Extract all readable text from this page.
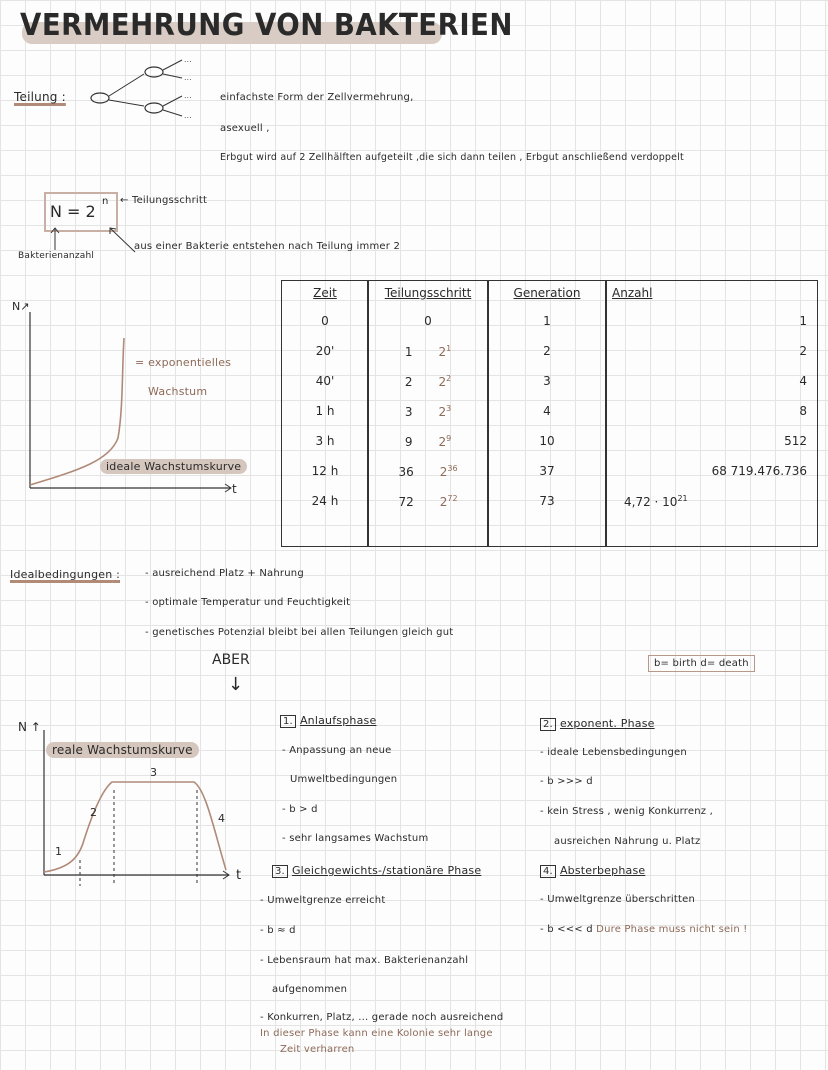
VERMEHRUNG VON BAKTERIEN
Teilung :
...
...
...
...
einfachste Form der Zellvermehrung,
asexuell ,
Erbgut wird auf 2 Zellhälften aufgeteilt ,die sich dann teilen , Erbgut anschließend verdoppelt
N = 2
n ← Teilungsschritt
Bakterienanzahl
aus einer Bakterie entstehen nach Teilung immer 2
N↗
t
= exponentielles
Wachstum
ideale Wachstumskurve
Zeit	Teilungsschritt	Generation	Anzahl
0	0	1	1
20'	1 $2^1$	2	2
40'	2 $2^2$	3	4
1 h	3 $2^3$	4	8
3 h	9 $2^9$	10	512
12 h	36 $2^{36}$	37	68 719.476.736
24 h	72 $2^{72}$	73	$4,72 \cdot 10^{21}$
Idealbedingungen : - ausreichend Platz + Nahrung
- optimale Temperatur und Feuchtigkeit
- genetisches Potenzial bleibt bei allen Teilungen gleich gut
ABER
↓
b= birth d= death
N ↑
t
reale Wachstumskurve
1
2
3
4
1. Anlaufsphase
- Anpassung an neue
Umweltbedingungen
- b > d
- sehr langsames Wachstum
2. exponent. Phase
- ideale Lebensbedingungen
- b >>> d
- kein Stress , wenig Konkurrenz ,
ausreichen Nahrung u. Platz
3. Gleichgewichts-/stationäre Phase
- Umweltgrenze erreicht
- b ≈ d
- Lebensraum hat max. Bakterienanzahl
aufgenommen
- Konkurren, Platz, ... gerade noch ausreichend
In dieser Phase kann eine Kolonie sehr lange
Zeit verharren
4. Absterbephase
- Umweltgrenze überschritten
- b <<< d Dure Phase muss nicht sein !
